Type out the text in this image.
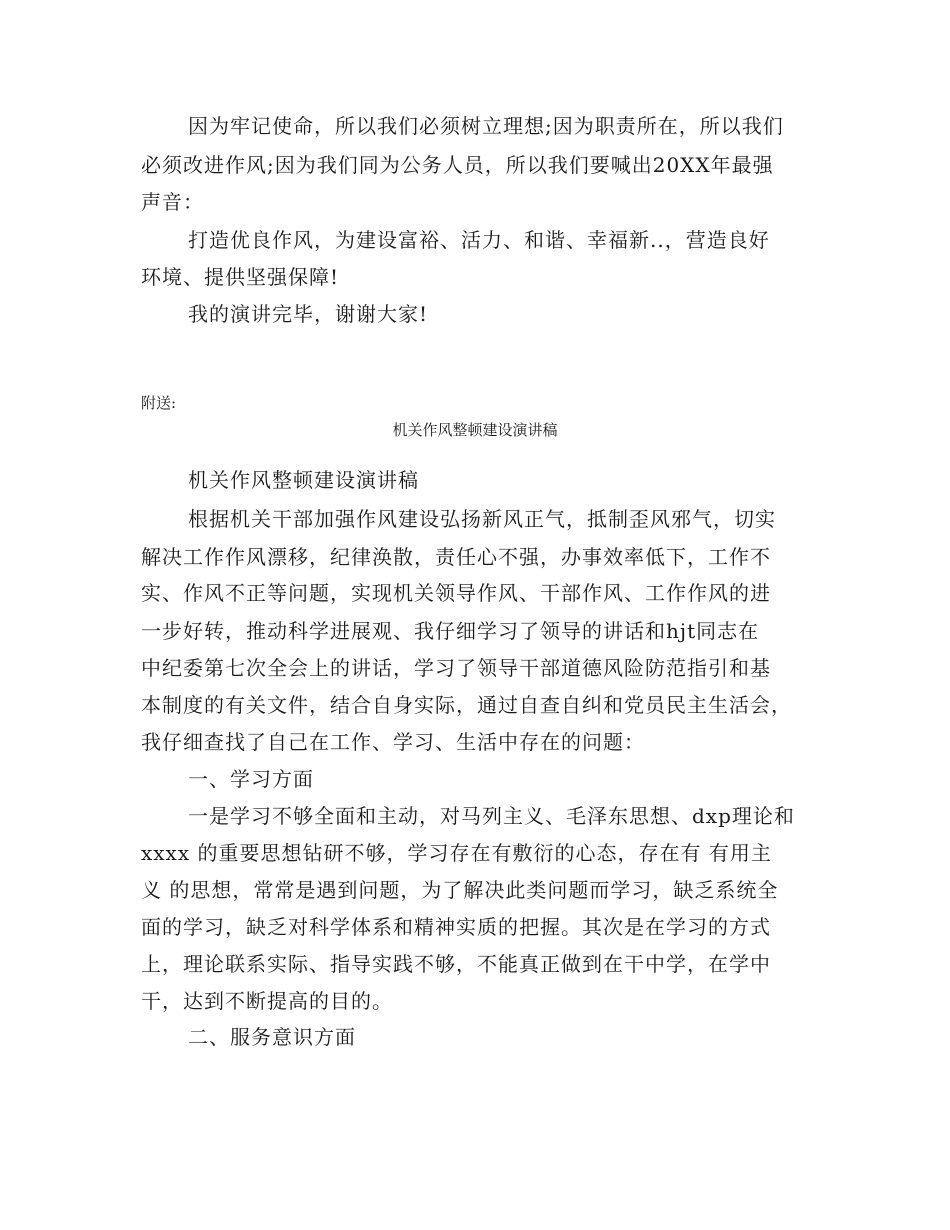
因为牢记使命，所以我们必须树立理想;因为职责所在，所以我们
必须改进作风;因为我们同为公务人员，所以我们要喊出20XX年最强
声音：
打造优良作风，为建设富裕、活力、和谐、幸福新..，营造良好
环境、提供坚强保障!
我的演讲完毕，谢谢大家!
附送:
机关作风整顿建设演讲稿
机关作风整顿建设演讲稿
根据机关干部加强作风建设弘扬新风正气，抵制歪风邪气，切实
解决工作作风漂移，纪律涣散，责任心不强，办事效率低下，工作不
实、作风不正等问题，实现机关领导作风、干部作风、工作作风的进
一步好转，推动科学进展观、我仔细学习了领导的讲话和hjt同志在
中纪委第七次全会上的讲话，学习了领导干部道德风险防范指引和基
本制度的有关文件，结合自身实际，通过自查自纠和党员民主生活会，
我仔细查找了自己在工作、学习、生活中存在的问题：
一、学习方面
一是学习不够全面和主动，对马列主义、毛泽东思想、dxp理论和
xxxx 的重要思想钻研不够，学习存在有敷衍的心态，存在有 有用主
义 的思想，常常是遇到问题，为了解决此类问题而学习，缺乏系统全
面的学习，缺乏对科学体系和精神实质的把握。其次是在学习的方式
上，理论联系实际、指导实践不够，不能真正做到在干中学，在学中
干，达到不断提高的目的。
二、服务意识方面
